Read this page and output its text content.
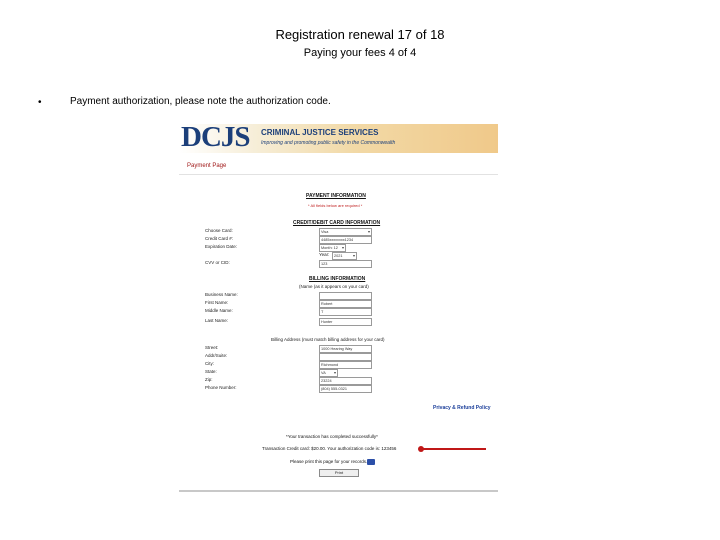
Registration renewal 17 of 18
Paying your fees 4 of 4
•	Payment authorization, please note the authorization code.
DCJS CRIMINAL JUSTICE SERVICES
Improving and promoting public safety in the Commonwealth
Payment Page
PAYMENT INFORMATION
* All fields below are required *
CREDIT/DEBIT CARD INFORMATION
Choose Card:	Visa ▾
Credit Card #:	4485xxxxxxxx1234
Expiration Date:	Month: 12 ▾
Year:	2021 ▾
CVV or CID:	123
BILLING INFORMATION
(Name (as it appears on your card)
Business Name:
First Name:	Robert
Middle Name:	T
Last Name:	Hunter
Billing Address (must match billing address for your card)
Street:	1000 Hearing Way
Addr/Suite:
City:	Richmond
State:	VA ▾
Zip:	23224
Phone Number:	(804) 555-0321
Privacy & Refund Policy
*Your transaction has completed successfully*
Transaction Credit card: $20.00. Your authorization code is: 123456
Please print this page for your records.
Print
